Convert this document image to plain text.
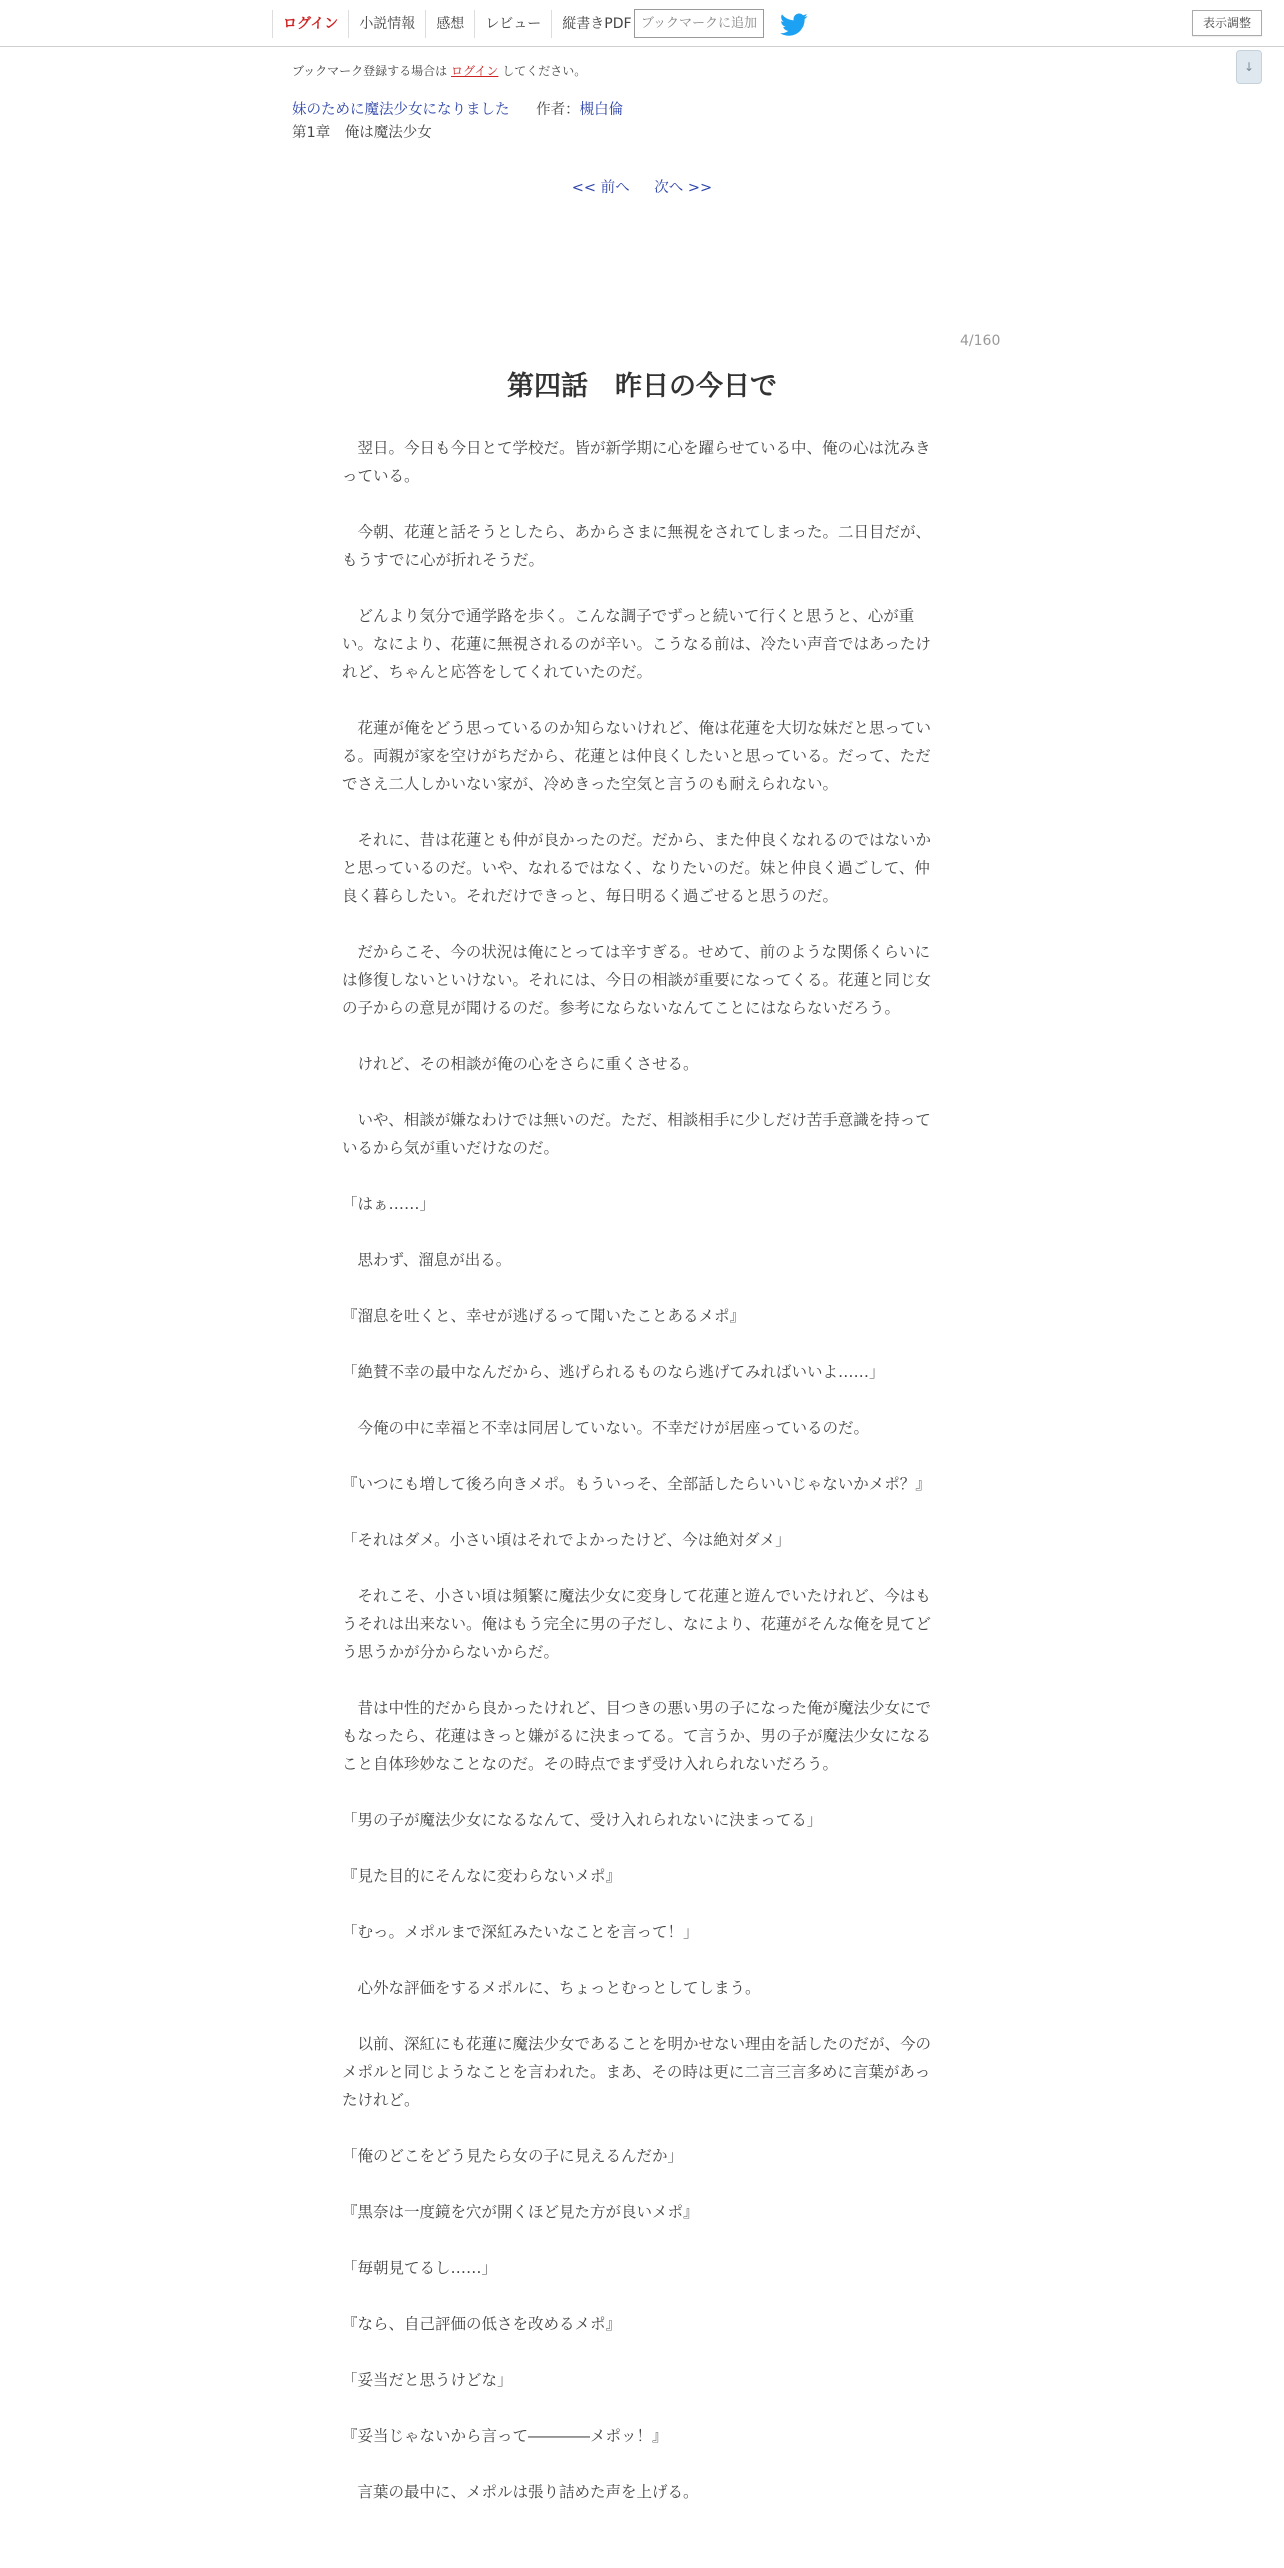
ログイン	小説情報	感想	レビュー	縦書きPDF ブックマークに追加	表示調整
↓
ブックマーク登録する場合は ログイン してください。
妹のために魔法少女になりました 作者：槻白倫
第1章　俺は魔法少女
<< 前へ 次へ >>
4/160
第四話　昨日の今日で

翌日。今日も今日とて学校だ。皆が新学期に心を躍らせている中、俺の心は沈みきっている。

今朝、花蓮と話そうとしたら、あからさまに無視をされてしまった。二日目だが、もうすでに心が折れそうだ。

どんより気分で通学路を歩く。こんな調子でずっと続いて行くと思うと、心が重い。なにより、花蓮に無視されるのが辛い。こうなる前は、冷たい声音ではあったけれど、ちゃんと応答をしてくれていたのだ。

花蓮が俺をどう思っているのか知らないけれど、俺は花蓮を大切な妹だと思っている。両親が家を空けがちだから、花蓮とは仲良くしたいと思っている。だって、ただでさえ二人しかいない家が、冷めきった空気と言うのも耐えられない。

それに、昔は花蓮とも仲が良かったのだ。だから、また仲良くなれるのではないかと思っているのだ。いや、なれるではなく、なりたいのだ。妹と仲良く過ごして、仲良く暮らしたい。それだけできっと、毎日明るく過ごせると思うのだ。

だからこそ、今の状況は俺にとっては辛すぎる。せめて、前のような関係くらいには修復しないといけない。それには、今日の相談が重要になってくる。花蓮と同じ女の子からの意見が聞けるのだ。参考にならないなんてことにはならないだろう。

けれど、その相談が俺の心をさらに重くさせる。

いや、相談が嫌なわけでは無いのだ。ただ、相談相手に少しだけ苦手意識を持っているから気が重いだけなのだ。

「はぁ……」

思わず、溜息が出る。

『溜息を吐くと、幸せが逃げるって聞いたことあるメポ』

「絶賛不幸の最中なんだから、逃げられるものなら逃げてみればいいよ……」

今俺の中に幸福と不幸は同居していない。不幸だけが居座っているのだ。

『いつにも増して後ろ向きメポ。もういっそ、全部話したらいいじゃないかメポ？』

「それはダメ。小さい頃はそれでよかったけど、今は絶対ダメ」

それこそ、小さい頃は頻繁に魔法少女に変身して花蓮と遊んでいたけれど、今はもうそれは出来ない。俺はもう完全に男の子だし、なにより、花蓮がそんな俺を見てどう思うかが分からないからだ。

昔は中性的だから良かったけれど、目つきの悪い男の子になった俺が魔法少女にでもなったら、花蓮はきっと嫌がるに決まってる。て言うか、男の子が魔法少女になること自体珍妙なことなのだ。その時点でまず受け入れられないだろう。

「男の子が魔法少女になるなんて、受け入れられないに決まってる」

『見た目的にそんなに変わらないメポ』

「むっ。メポルまで深紅みたいなことを言って！」

心外な評価をするメポルに、ちょっとむっとしてしまう。

以前、深紅にも花蓮に魔法少女であることを明かせない理由を話したのだが、今のメポルと同じようなことを言われた。まあ、その時は更に二言三言多めに言葉があったけれど。

「俺のどこをどう見たら女の子に見えるんだか」

『黒奈は一度鏡を穴が開くほど見た方が良いメポ』

「毎朝見てるし……」

『なら、自己評価の低さを改めるメポ』

「妥当だと思うけどな」

『妥当じゃないから言って――――メポッ！』

言葉の最中に、メポルは張り詰めた声を上げる。
